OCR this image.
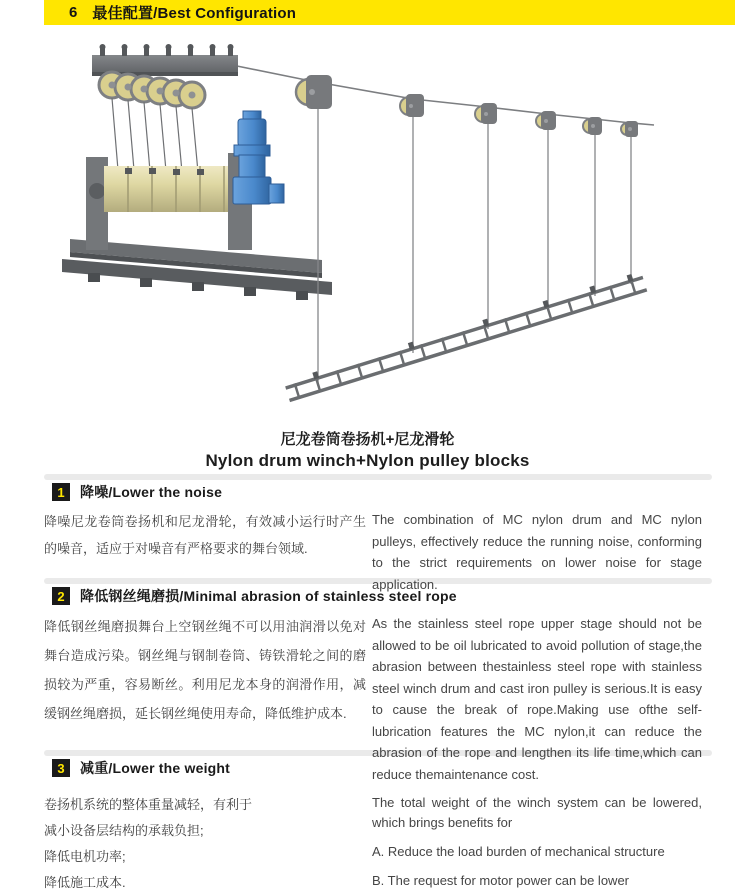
6 最佳配置/Best Configuration
尼龙卷筒卷扬机+尼龙滑轮
Nylon drum winch+Nylon pulley blocks
1	降噪/Lower the noise
降噪尼龙卷筒卷扬机和尼龙滑轮，有效减小运行时产生的噪音，适应于对噪音有严格要求的舞台领域.
The combination of MC nylon drum and MC nylon pulleys, effectively reduce the running noise, conforming to the strict requirements on lower noise for stage application.
2	降低钢丝绳磨损/Minimal abrasion of stainless steel rope
降低钢丝绳磨损舞台上空钢丝绳不可以用油润滑以免对舞台造成污染。钢丝绳与钢制卷筒、铸铁滑轮之间的磨损较为严重，容易断丝。利用尼龙本身的润滑作用，减缓钢丝绳磨损，延长钢丝绳使用寿命，降低维护成本.
As the stainless steel rope upper stage should not be allowed to be oil lubricated to avoid pollution of stage,the abrasion between thestainless steel rope with stainless steel winch drum and cast iron pulley is serious.It is easy to cause the break of rope.Making use ofthe self-lubrication features the MC nylon,it can reduce the abrasion of the rope and lengthen its life time,which can reduce themaintenance cost.
3	减重/Lower the weight
卷扬机系统的整体重量减轻，有利于
减小设备层结构的承载负担;
降低电机功率;
降低施工成本.
The total weight of the winch system can be lowered, which brings benefits for
A. Reduce the load burden of mechanical structure
B. The request for motor power can be lower
